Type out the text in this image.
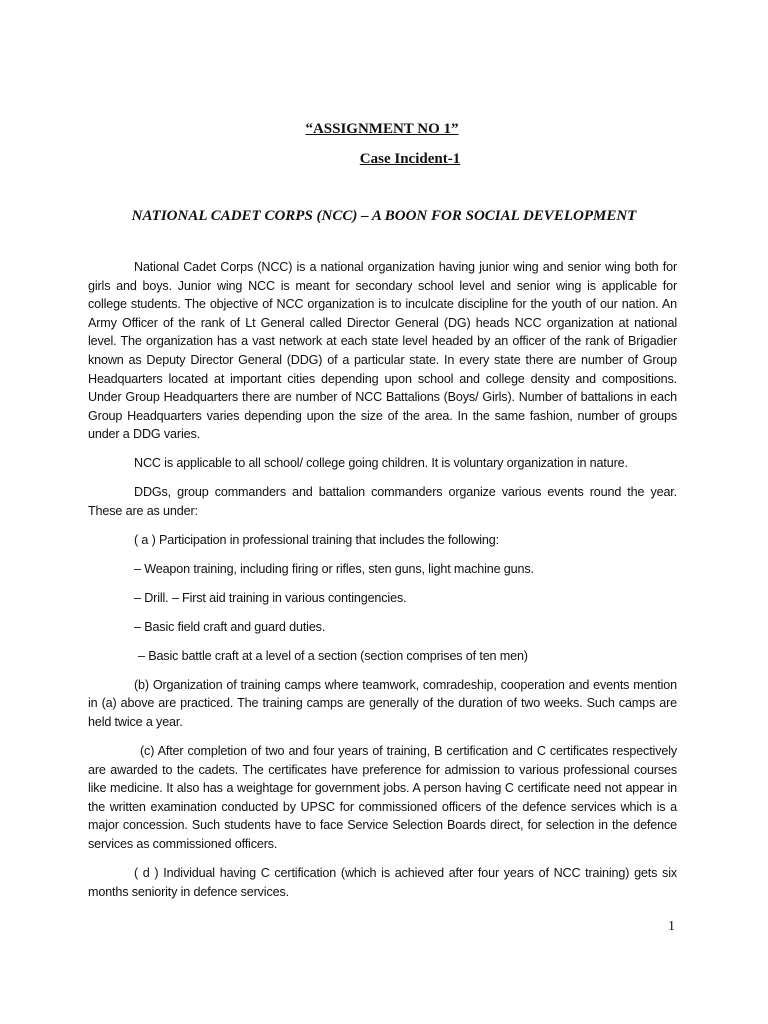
“ASSIGNMENT NO 1”
Case Incident-1
NATIONAL CADET CORPS (NCC) – A BOON FOR SOCIAL DEVELOPMENT

National Cadet Corps (NCC) is a national organization having junior wing and senior wing both for girls and boys. Junior wing NCC is meant for secondary school level and senior wing is applicable for college students. The objective of NCC organization is to inculcate discipline for the youth of our nation. An Army Officer of the rank of Lt General called Director General (DG) heads NCC organization at national level. The organization has a vast network at each state level headed by an officer of the rank of Brigadier known as Deputy Director General (DDG) of a particular state. In every state there are number of Group Headquarters located at important cities depending upon school and college density and compositions. Under Group Headquarters there are number of NCC Battalions (Boys/ Girls). Number of battalions in each Group Headquarters varies depending upon the size of the area. In the same fashion, number of groups under a DDG varies.

NCC is applicable to all school/ college going children. It is voluntary organization in nature.

DDGs, group commanders and battalion commanders organize various events round the year. These are as under:

( a ) Participation in professional training that includes the following:

– Weapon training, including firing or rifles, sten guns, light machine guns.

– Drill. – First aid training in various contingencies.

– Basic field craft and guard duties.

– Basic battle craft at a level of a section (section comprises of ten men)

(b) Organization of training camps where teamwork, comradeship, cooperation and events mention in (a) above are practiced. The training camps are generally of the duration of two weeks. Such camps are held twice a year.

(c) After completion of two and four years of training, B certification and C certificates respectively are awarded to the cadets. The certificates have preference for admission to various professional courses like medicine. It also has a weightage for government jobs. A person having C certificate need not appear in the written examination conducted by UPSC for commissioned officers of the defence services which is a major concession. Such students have to face Service Selection Boards direct, for selection in the defence services as commissioned officers.

( d ) Individual having C certification (which is achieved after four years of NCC training) gets six months seniority in defence services.

1
